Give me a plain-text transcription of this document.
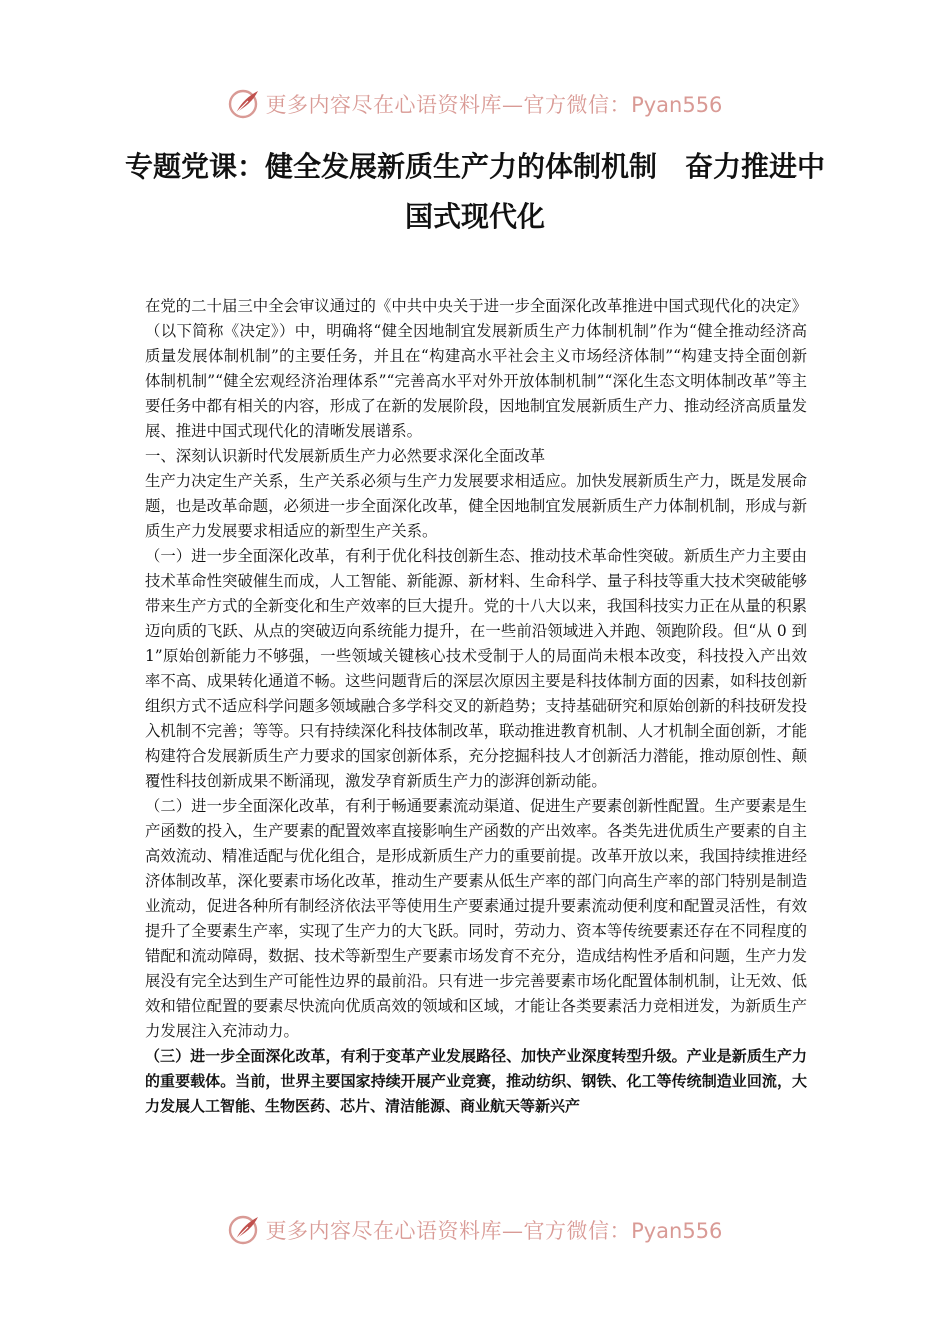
更多内容尽在心语资料库—官方微信：Pyan556
专题党课：健全发展新质生产力的体制机制　奋力推进中国式现代化

在党的二十届三中全会审议通过的《中共中央关于进一步全面深化改革推进中国式现代化的决定》（以下简称《决定》）中，明确将“健全因地制宜发展新质生产力体制机制”作为“健全推动经济高质量发展体制机制”的主要任务，并且在“构建高水平社会主义市场经济体制”“构建支持全面创新体制机制”“健全宏观经济治理体系”“完善高水平对外开放体制机制”“深化生态文明体制改革”等主要任务中都有相关的内容，形成了在新的发展阶段，因地制宜发展新质生产力、推动经济高质量发展、推进中国式现代化的清晰发展谱系。

一、深刻认识新时代发展新质生产力必然要求深化全面改革

生产力决定生产关系，生产关系必须与生产力发展要求相适应。加快发展新质生产力，既是发展命题，也是改革命题，必须进一步全面深化改革，健全因地制宜发展新质生产力体制机制，形成与新质生产力发展要求相适应的新型生产关系。

（一）进一步全面深化改革，有利于优化科技创新生态、推动技术革命性突破。新质生产力主要由技术革命性突破催生而成，人工智能、新能源、新材料、生命科学、量子科技等重大技术突破能够带来生产方式的全新变化和生产效率的巨大提升。党的十八大以来，我国科技实力正在从量的积累迈向质的飞跃、从点的突破迈向系统能力提升，在一些前沿领域进入并跑、领跑阶段。但“从 0 到 1”原始创新能力不够强，一些领域关键核心技术受制于人的局面尚未根本改变，科技投入产出效率不高、成果转化通道不畅。这些问题背后的深层次原因主要是科技体制方面的因素，如科技创新组织方式不适应科学问题多领域融合多学科交叉的新趋势；支持基础研究和原始创新的科技研发投入机制不完善；等等。只有持续深化科技体制改革，联动推进教育机制、人才机制全面创新，才能构建符合发展新质生产力要求的国家创新体系，充分挖掘科技人才创新活力潜能，推动原创性、颠覆性科技创新成果不断涌现，激发孕育新质生产力的澎湃创新动能。

（二）进一步全面深化改革，有利于畅通要素流动渠道、促进生产要素创新性配置。生产要素是生产函数的投入，生产要素的配置效率直接影响生产函数的产出效率。各类先进优质生产要素的自主高效流动、精准适配与优化组合，是形成新质生产力的重要前提。改革开放以来，我国持续推进经济体制改革，深化要素市场化改革，推动生产要素从低生产率的部门向高生产率的部门特别是制造业流动，促进各种所有制经济依法平等使用生产要素通过提升要素流动便利度和配置灵活性，有效提升了全要素生产率，实现了生产力的大飞跃。同时，劳动力、资本等传统要素还存在不同程度的错配和流动障碍，数据、技术等新型生产要素市场发育不充分，造成结构性矛盾和问题，生产力发展没有完全达到生产可能性边界的最前沿。只有进一步完善要素市场化配置体制机制，让无效、低效和错位配置的要素尽快流向优质高效的领域和区域，才能让各类要素活力竞相迸发，为新质生产力发展注入充沛动力。

（三）进一步全面深化改革，有利于变革产业发展路径、加快产业深度转型升级。产业是新质生产力的重要载体。当前，世界主要国家持续开展产业竞赛，推动纺织、钢铁、化工等传统制造业回流，大力发展人工智能、生物医药、芯片、清洁能源、商业航天等新兴产

更多内容尽在心语资料库—官方微信：Pyan556
